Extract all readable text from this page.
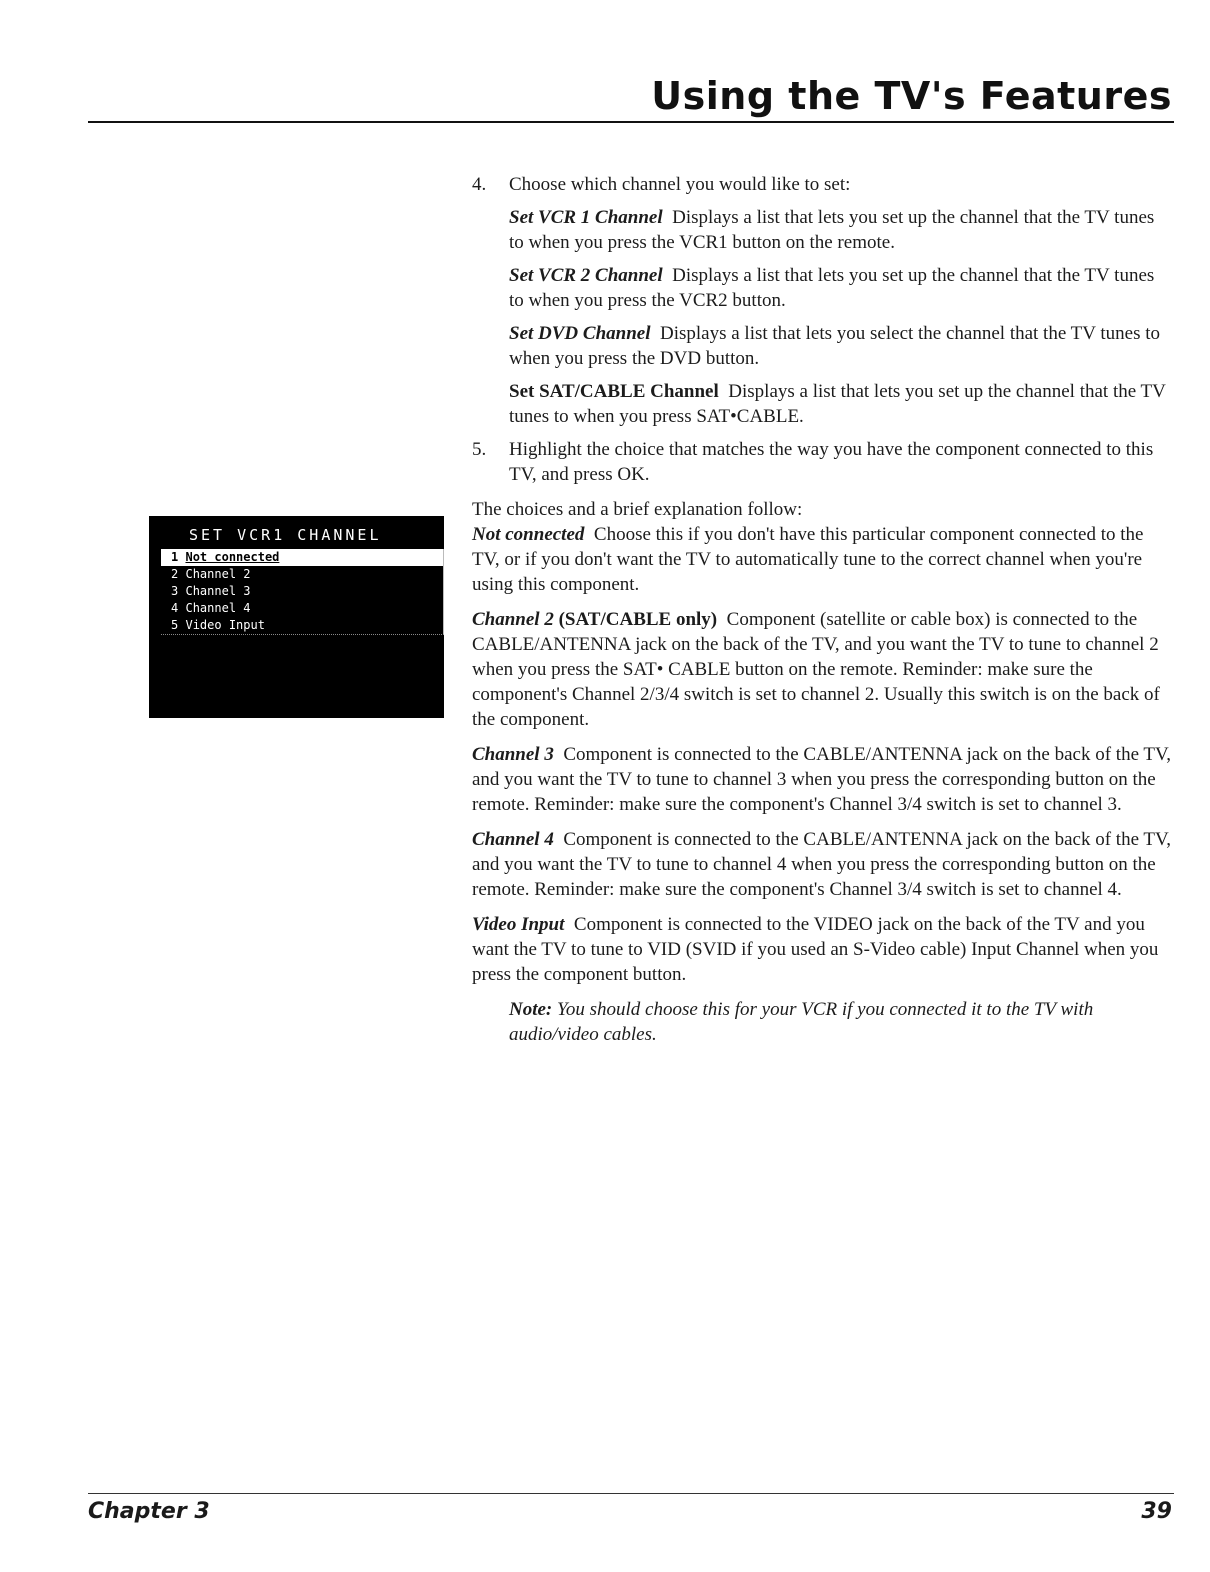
Using the TV's Features
SET VCR1 CHANNEL
1 Not connected
2 Channel 2
3 Channel 3
4 Channel 4
5 Video Input
4. Choose which channel you would like to set:
Set VCR 1 Channel Displays a list that lets you set up the channel that the TV tunes to when you press the VCR1 button on the remote.
Set VCR 2 Channel Displays a list that lets you set up the channel that the TV tunes to when you press the VCR2 button.
Set DVD Channel Displays a list that lets you select the channel that the TV tunes to when you press the DVD button.
Set SAT/CABLE Channel Displays a list that lets you set up the channel that the TV tunes to when you press SAT•CABLE.
5. Highlight the choice that matches the way you have the component connected to this TV, and press OK.
The choices and a brief explanation follow:
Not connected Choose this if you don't have this particular component connected to the TV, or if you don't want the TV to automatically tune to the correct channel when you're using this component.
Channel 2 (SAT/CABLE only) Component (satellite or cable box) is connected to the CABLE/ANTENNA jack on the back of the TV, and you want the TV to tune to channel 2 when you press the SAT• CABLE button on the remote. Reminder: make sure the component's Channel 2/3/4 switch is set to channel 2. Usually this switch is on the back of the component.
Channel 3 Component is connected to the CABLE/ANTENNA jack on the back of the TV, and you want the TV to tune to channel 3 when you press the corresponding button on the remote. Reminder: make sure the component's Channel 3/4 switch is set to channel 3.
Channel 4 Component is connected to the CABLE/ANTENNA jack on the back of the TV, and you want the TV to tune to channel 4 when you press the corresponding button on the remote. Reminder: make sure the component's Channel 3/4 switch is set to channel 4.
Video Input Component is connected to the VIDEO jack on the back of the TV and you want the TV to tune to VID (SVID if you used an S-Video cable) Input Channel when you press the component button.
Note: You should choose this for your VCR if you connected it to the TV with audio/video cables.
Chapter 3	39
